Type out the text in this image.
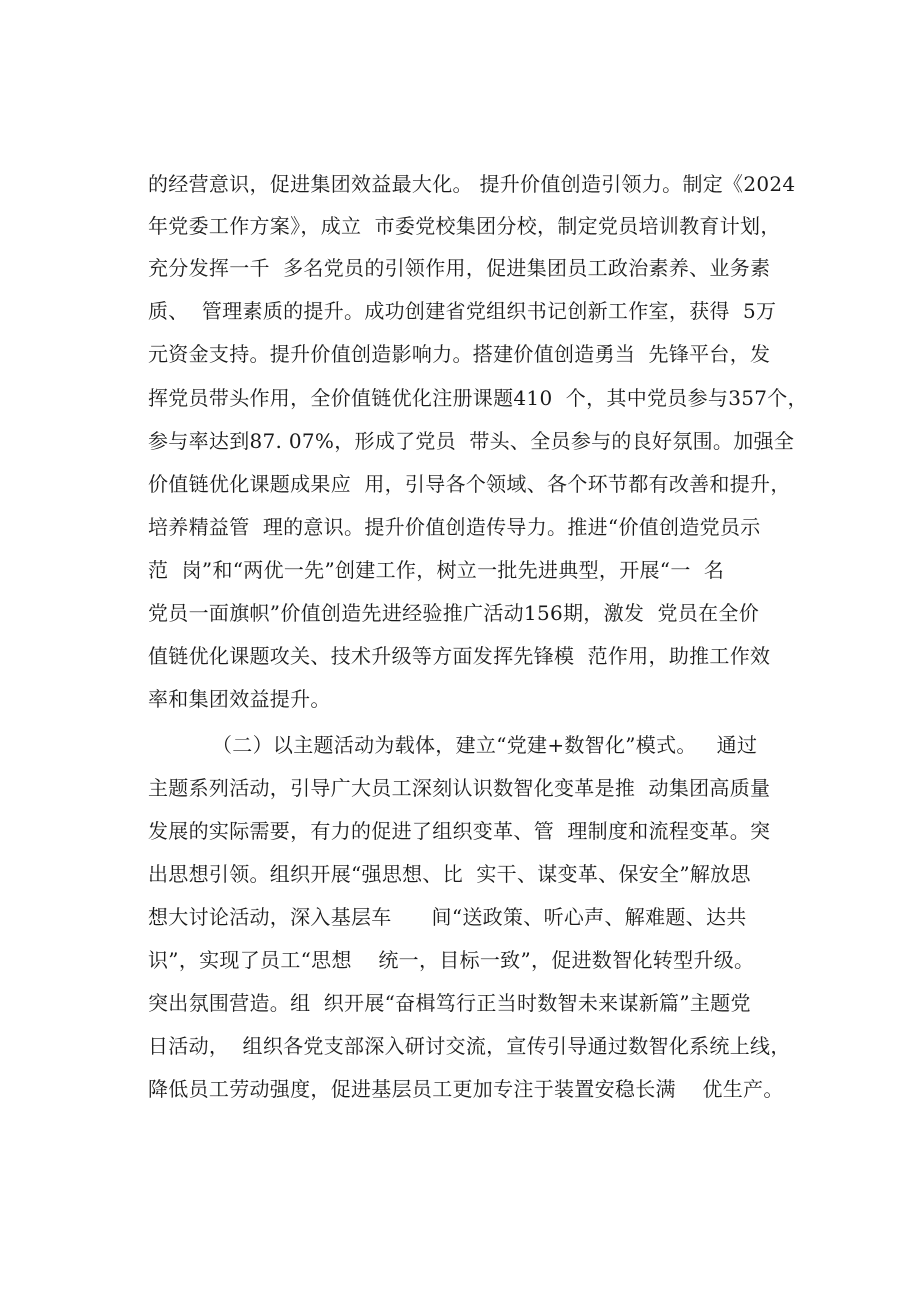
的经营意识，促进集团效益最大化。 提升价值创造引领力。制定《2024
年党委工作方案》，成立  市委党校集团分校，制定党员培训教育计划，
充分发挥一千  多名党员的引领作用，促进集团员工政治素养、业务素
质、  管理素质的提升。成功创建省党组织书记创新工作室，获得  5万
元资金支持。提升价值创造影响力。搭建价值创造勇当  先锋平台，发
挥党员带头作用，全价值链优化注册课题410  个，其中党员参与357个，
参与率达到87. 07%，形成了党员  带头、全员参与的良好氛围。加强全
价值链优化课题成果应  用，引导各个领域、各个环节都有改善和提升，
培养精益管  理的意识。提升价值创造传导力。推进“价值创造党员示
范  岗”和“两优一先”创建工作，树立一批先进典型，开展“一  名
党员一面旗帜”价值创造先进经验推广活动156期，激发  党员在全价
值链优化课题攻关、技术升级等方面发挥先锋模  范作用，助推工作效
率和集团效益提升。
（二）以主题活动为载体，建立“党建+数智化”模式。   通过
主题系列活动，引导广大员工深刻认识数智化变革是推  动集团高质量
发展的实际需要，有力的促进了组织变革、管  理制度和流程变革。突
出思想引领。组织开展“强思想、比  实干、谋变革、保安全”解放思
想大讨论活动，深入基层车      间“送政策、听心声、解难题、达共
识”，实现了员工“思想    统一，目标一致”，促进数智化转型升级。
突出氛围营造。组  织开展“奋楫笃行正当时数智未来谋新篇”主题党
日活动，  组织各党支部深入研讨交流，宣传引导通过数智化系统上线，
降低员工劳动强度，促进基层员工更加专注于装置安稳长满    优生产。
